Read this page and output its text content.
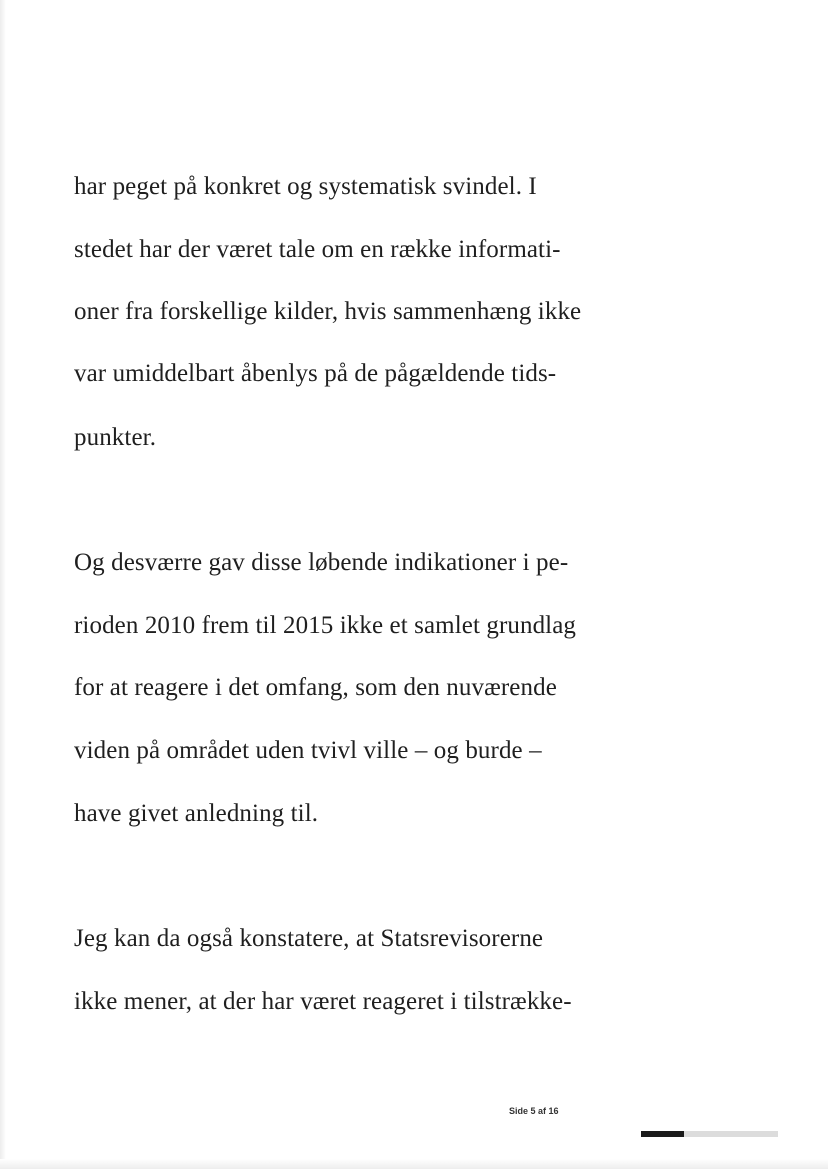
har peget på konkret og systematisk svindel. I
stedet har der været tale om en række informati-
oner fra forskellige kilder, hvis sammenhæng ikke
var umiddelbart åbenlys på de pågældende tids-
punkter.
Og desværre gav disse løbende indikationer i pe-
rioden 2010 frem til 2015 ikke et samlet grundlag
for at reagere i det omfang, som den nuværende
viden på området uden tvivl ville – og burde –
have givet anledning til.
Jeg kan da også konstatere, at Statsrevisorerne
ikke mener, at der har været reageret i tilstrække-
Side 5 af 16
